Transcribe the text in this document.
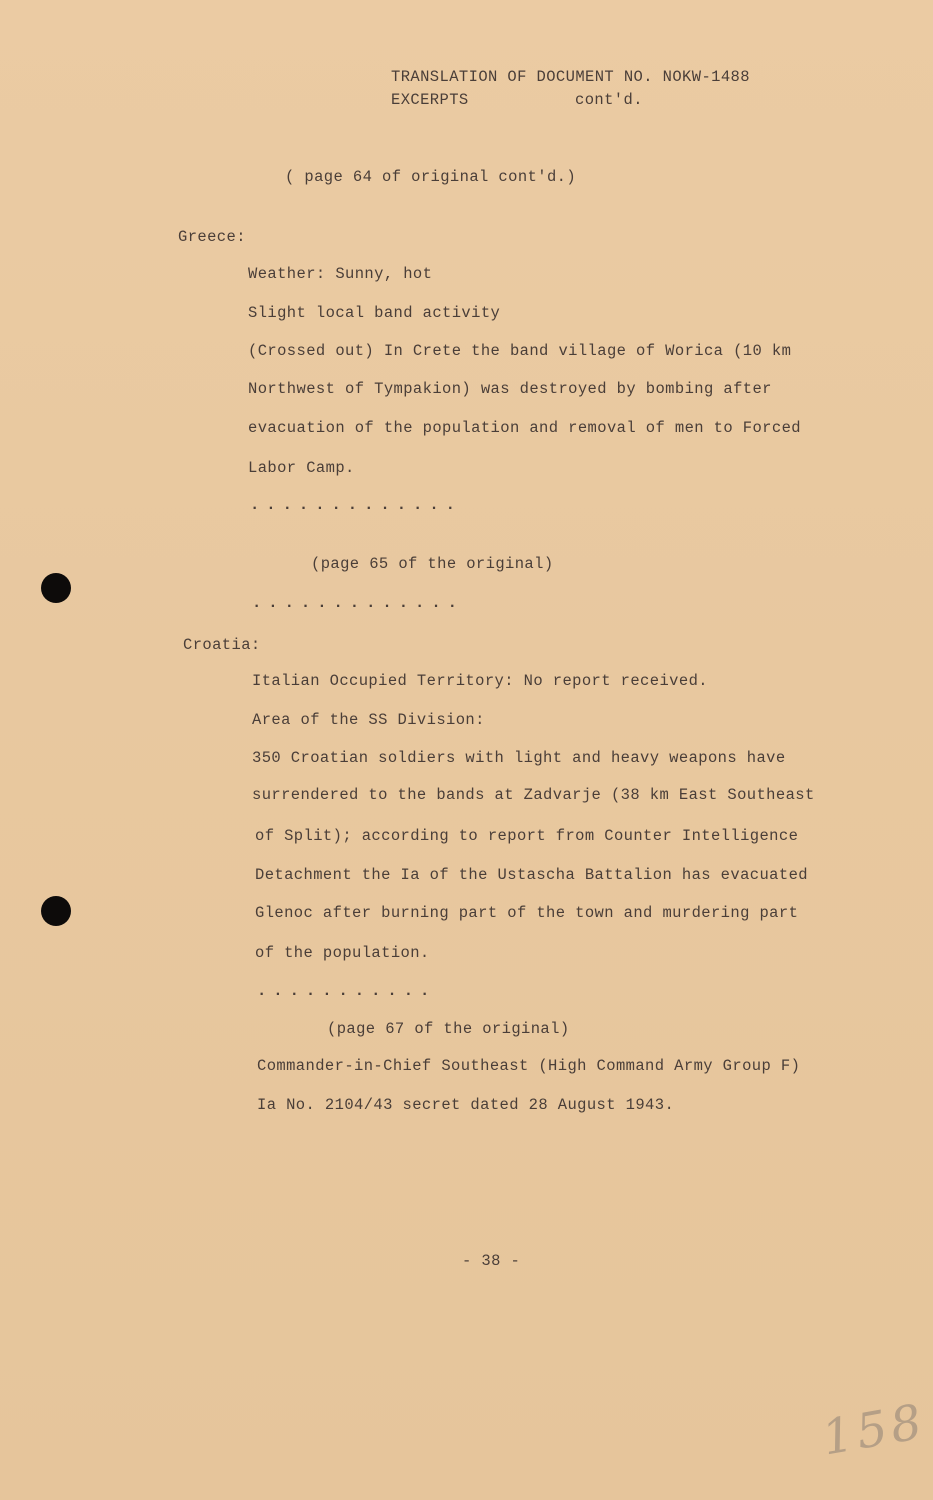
TRANSLATION OF DOCUMENT NO. NOKW-1488
EXCERPTS	cont'd.
( page 64 of original cont'd.)
Greece:
Weather: Sunny, hot
Slight local band activity
(Crossed out) In Crete the band village of Worica (10 km
Northwest of Tympakion) was destroyed by bombing after
evacuation of the population and removal of men to Forced
Labor Camp.
.............
(page 65 of the original)
.............
Croatia:
Italian Occupied Territory: No report received.
Area of the SS Division:
350 Croatian soldiers with light and heavy weapons have
surrendered to the bands at Zadvarje (38 km East Southeast
of Split); according to report from Counter Intelligence
Detachment the Ia of the Ustascha Battalion has evacuated
Glenoc after burning part of the town and murdering part
of the population.
...........
(page 67 of the original)
Commander-in-Chief Southeast (High Command Army Group F)
Ia No. 2104/43 secret dated 28 August 1943.
- 38 -
158
